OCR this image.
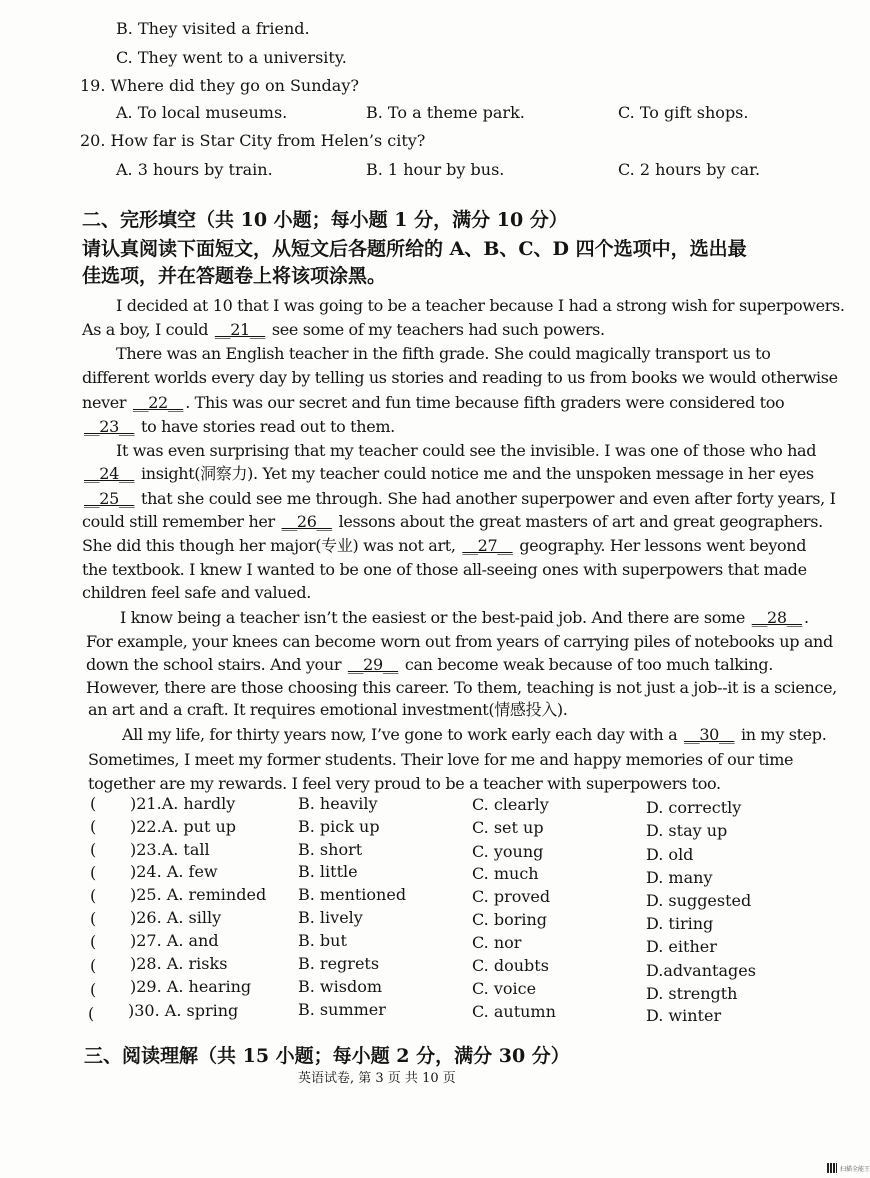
B. They visited a friend.
C. They went to a university.
19. Where did they go on Sunday?
A. To local museums.	B. To a theme park.	C. To gift shops.
20. How far is Star City from Helen’s city?
A. 3 hours by train.	B. 1 hour by bus.	C. 2 hours by car.
二、完形填空（共 10 小题；每小题 1 分，满分 10 分）
请认真阅读下面短文，从短文后各题所给的 A、B、C、D 四个选项中，选出最
佳选项，并在答题卷上将该项涂黑。
I decided at 10 that I was going to be a teacher because I had a strong wish for superpowers.
As a boy, I could __21__ see some of my teachers had such powers.
There was an English teacher in the fifth grade. She could magically transport us to
different worlds every day by telling us stories and reading to us from books we would otherwise
never __22__ . This was our secret and fun time because fifth graders were considered too
__23__ to have stories read out to them.
It was even surprising that my teacher could see the invisible. I was one of those who had
__24__ insight(洞察力). Yet my teacher could notice me and the unspoken message in her eyes
__25__ that she could see me through. She had another superpower and even after forty years, I
could still remember her __26__ lessons about the great masters of art and great geographers.
She did this though her major(专业) was not art, __27__ geography. Her lessons went beyond
the textbook. I knew I wanted to be one of those all-seeing ones with superpowers that made
children feel safe and valued.
I know being a teacher isn’t the easiest or the best-paid job. And there are some __28__ .
For example, your knees can become worn out from years of carrying piles of notebooks up and
down the school stairs. And your __29__ can become weak because of too much talking.
However, there are those choosing this career. To them, teaching is not just a job--it is a science,
an art and a craft. It requires emotional investment(情感投入).
All my life, for thirty years now, I’ve gone to work early each day with a __30__ in my step.
Sometimes, I meet my former students. Their love for me and happy memories of our time
together are my rewards. I feel very proud to be a teacher with superpowers too.
( )21.A. hardly	B. heavily	C. clearly	D. correctly
( )22.A. put up	B. pick up	C. set up	D. stay up
( )23.A. tall	B. short	C. young	D. old
( )24. A. few	B. little	C. much	D. many
( )25. A. reminded B. mentioned	C. proved	D. suggested
( )26. A. silly	B. lively	C. boring	D. tiring
( )27. A. and	B. but	C. nor	D. either
( )28. A. risks	B. regrets	C. doubts	D.advantages
( )29. A. hearing	B. wisdom	C. voice	D. strength
( )30. A. spring	B. summer	C. autumn	D. winter
三、阅读理解（共 15 小题；每小题 2 分，满分 30 分）
英语试卷, 第 3 页 共 10 页
扫描全能王
